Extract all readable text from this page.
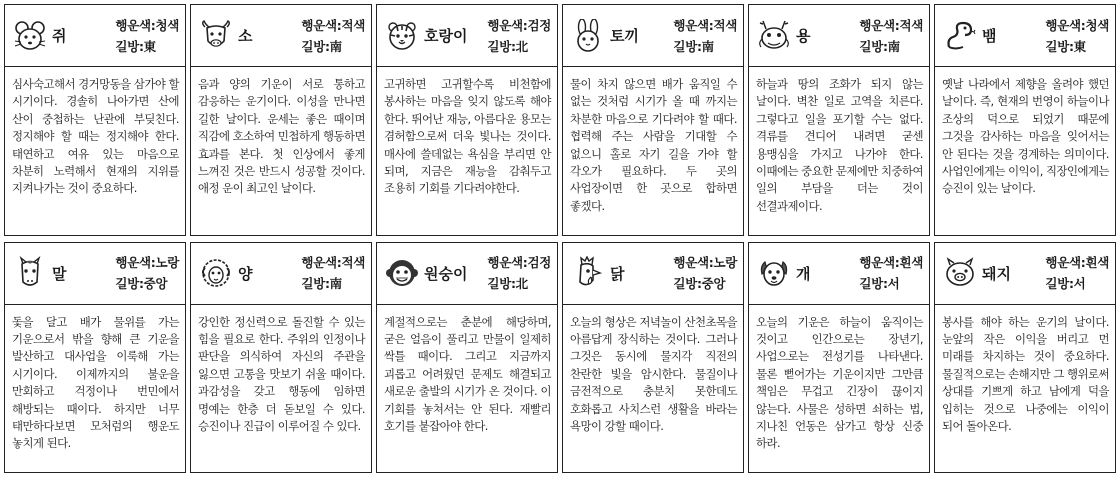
쥐
행운색:청색
길방:東
심사숙고해서 경거망동을 삼가야 할 시기이다. 경솔히 나아가면 산에 산이 중첩하는 난관에 부딪친다. 정지해야 할 때는 정지해야 한다. 태연하고 여유 있는 마음으로 차분히 노력해서 현재의 지위를 지켜나가는 것이 중요하다.
소
행운색:적색
길방:南
음과 양의 기운이 서로 통하고 감응하는 운기이다. 이성을 만나면 길한 날이다. 운세는 좋은 때이며 직감에 호소하여 민첩하게 행동하면 효과를 본다. 첫 인상에서 좋게 느껴진 것은 반드시 성공할 것이다. 애정 운이 최고인 날이다.
호랑이
행운색:검정
길방:北
고귀하면 고귀할수록 비천함에 봉사하는 마음을 잊지 않도록 해야 한다. 뛰어난 재능, 아름다운 용모는 겸허함으로써 더욱 빛나는 것이다. 매사에 쓸데없는 욕심을 부리면 안 되며, 지금은 재능을 감춰두고 조용히 기회를 기다려야한다.
토끼
행운색:적색
길방:南
물이 차지 않으면 배가 움직일 수 없는 것처럼 시기가 올 때 까지는 차분한 마음으로 기다려야 할 때다. 협력해 주는 사람을 기대할 수 없으니 홀로 자기 길을 가야 할 각오가 필요하다. 두 곳의 사업장이면 한 곳으로 합하면 좋겠다.
용
행운색:적색
길방:南
하늘과 땅의 조화가 되지 않는 날이다. 벽찬 일로 고역을 치른다. 그렇다고 일을 포기할 수는 없다. 격류를 견디어 내려면 굳센 용맹심을 가지고 나가야 한다. 이때에는 중요한 문제에만 치중하여 일의 부담을 더는 것이 선결과제이다.
뱀
행운색:청색
길방:東
옛날 나라에서 제향을 올려야 했던 날이다. 즉, 현재의 번영이 하늘이나 조상의 덕으로 되었기 때문에 그것을 감사하는 마음을 잊어서는 안 된다는 것을 경계하는 의미이다. 사업인에게는 이익이, 직장인에게는 승진이 있는 날이다.
말
행운색:노랑
길방:중앙
돛을 달고 배가 물위를 가는 기운으로서 밖을 향해 큰 기운을 발산하고 대사업을 이룩해 가는 시기이다. 이제까지의 불운을 만회하고 걱정이나 번민에서 해방되는 때이다. 하지만 너무 태만하다보면 모처럼의 행운도 놓치게 된다.
양
행운색:적색
길방:南
강인한 정신력으로 돌진할 수 있는 힘을 필요로 한다. 주위의 인정이나 판단을 의식하여 자신의 주관을 잃으면 고통을 맛보기 쉬울 때이다. 과감성을 갖고 행동에 임하면 명예는 한층 더 돋보일 수 있다. 승진이나 진급이 이루어질 수 있다.
원숭이
행운색:검정
길방:北
계절적으로는 춘분에 해당하며, 굳은 얼음이 풀리고 만물이 일제히 싹틀 때이다. 그리고 지금까지 괴롭고 어려웠던 문제도 해결되고 새로운 출발의 시기가 온 것이다. 이 기회를 놓쳐서는 안 된다. 재빨리 호기를 붙잡아야 한다.
닭
행운색:노랑
길방:중앙
오늘의 형상은 저녁놀이 산천초목을 아름답게 장식하는 것이다. 그러나 그것은 동시에 물지각 직전의 찬란한 빛을 암시한다. 물질이나 금전적으로 충분치 못한데도 호화롭고 사치스런 생활을 바라는 욕망이 강할 때이다.
개
행운색:흰색
길방:서
오늘의 기운은 하늘이 움직이는 것이고 인간으로는 장년기, 사업으로는 전성기를 나타낸다. 물론 뻗어가는 기운이지만 그만큼 책임은 무겁고 긴장이 끊이지 않는다. 사물은 성하면 쇠하는 법, 지나친 언동은 삼가고 항상 신중 하라.
돼지
행운색:흰색
길방:서
봉사를 해야 하는 운기의 날이다. 눈앞의 작은 이익을 버리고 먼 미래를 차지하는 것이 중요하다. 물질적으로는 손해지만 그 행위로써 상대를 기쁘게 하고 남에게 덕을 입히는 것으로 나중에는 이익이 되어 돌아온다.
